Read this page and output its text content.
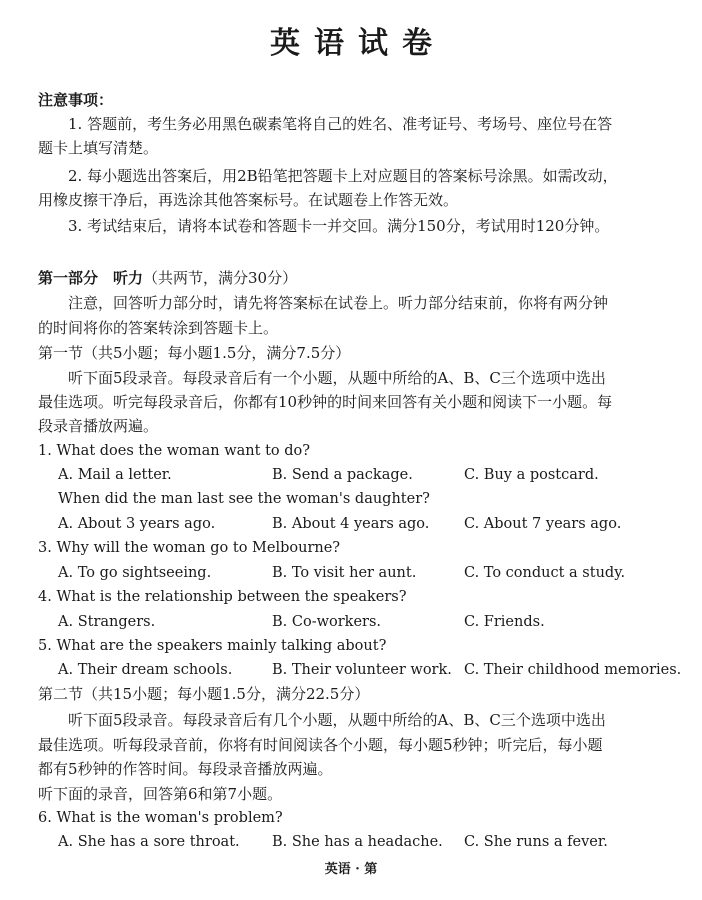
英语试卷
注意事项：
1. 答题前，考生务必用黑色碳素笔将自己的姓名、准考证号、考场号、座位号在答
题卡上填写清楚。
2. 每小题选出答案后，用2B铅笔把答题卡上对应题目的答案标号涂黑。如需改动，
用橡皮擦干净后，再选涂其他答案标号。在试题卷上作答无效。
3. 考试结束后，请将本试卷和答题卡一并交回。满分150分，考试用时120分钟。
第一部分　听力（共两节，满分30分）
注意，回答听力部分时，请先将答案标在试卷上。听力部分结束前，你将有两分钟
的时间将你的答案转涂到答题卡上。
第一节（共5小题；每小题1.5分，满分7.5分）
听下面5段录音。每段录音后有一个小题，从题中所给的A、B、C三个选项中选出
最佳选项。听完每段录音后，你都有10秒钟的时间来回答有关小题和阅读下一小题。每
段录音播放两遍。
1. What does the woman want to do?
A. Mail a letter.	B. Send a package.	C. Buy a postcard.
When did the man last see the woman's daughter?
A. About 3 years ago.	B. About 4 years ago. C. About 7 years ago.
3. Why will the woman go to Melbourne?
A. To go sightseeing.	B. To visit her aunt.	C. To conduct a study.
4. What is the relationship between the speakers?
A. Strangers.	B. Co-workers.	C. Friends.
5. What are the speakers mainly talking about?
A. Their dream schools.	B. Their volunteer work. C. Their childhood memories.
第二节（共15小题；每小题1.5分，满分22.5分）
听下面5段录音。每段录音后有几个小题，从题中所给的A、B、C三个选项中选出
最佳选项。听每段录音前，你将有时间阅读各个小题，每小题5秒钟；听完后，每小题
都有5秒钟的作答时间。每段录音播放两遍。
听下面的录音，回答第6和第7小题。
6. What is the woman's problem?
A. She has a sore throat. B. She has a headache. C. She runs a fever.
英语 · 第
